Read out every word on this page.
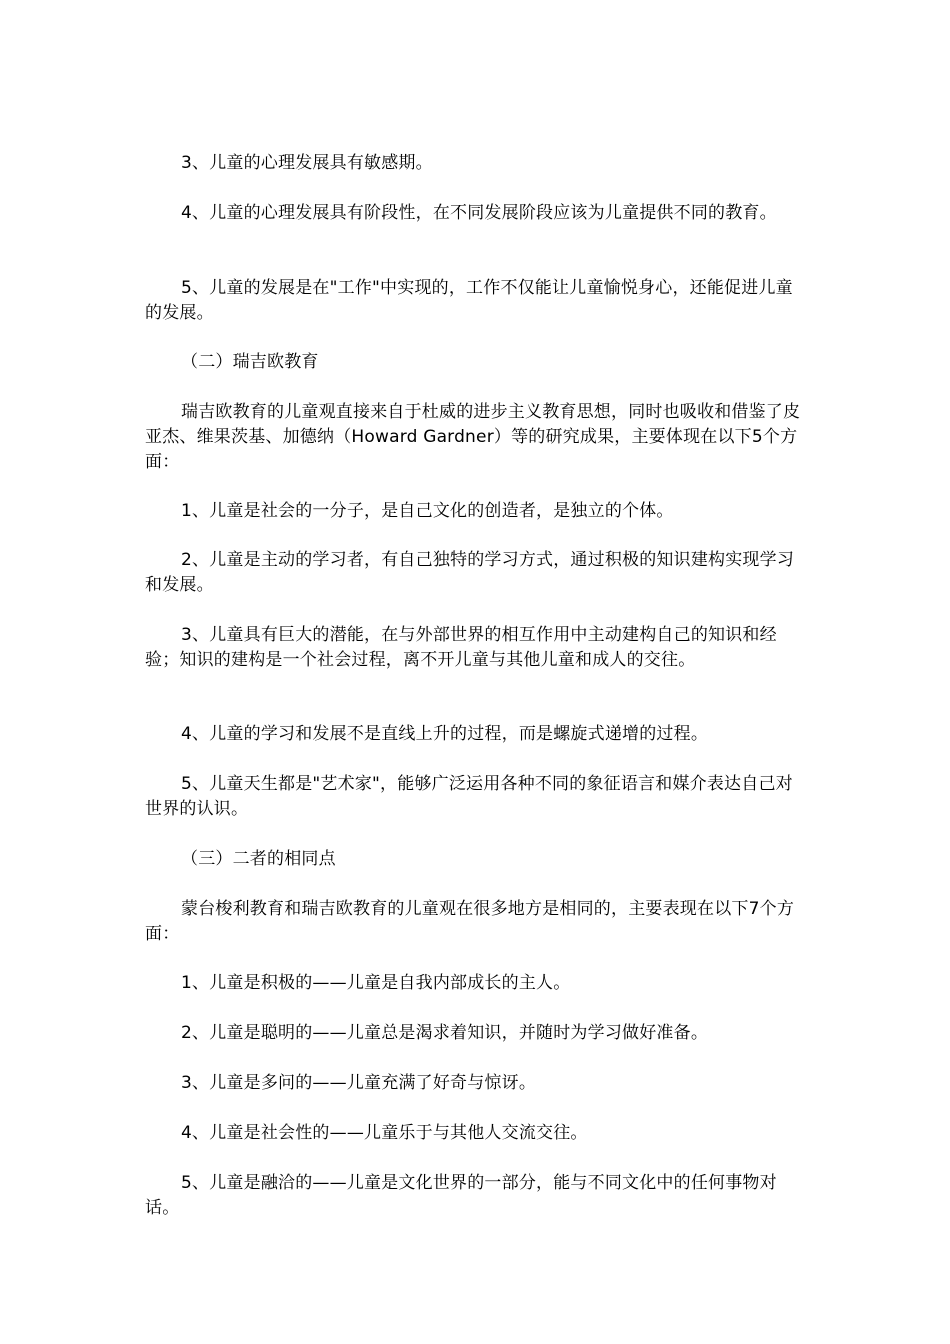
3、儿童的心理发展具有敏感期。

4、儿童的心理发展具有阶段性，在不同发展阶段应该为儿童提供不同的教育。

5、儿童的发展是在"工作"中实现的，工作不仅能让儿童愉悦身心，还能促进儿童的发展。

（二）瑞吉欧教育

瑞吉欧教育的儿童观直接来自于杜威的进步主义教育思想，同时也吸收和借鉴了皮亚杰、维果茨基、加德纳（Howard Gardner）等的研究成果，主要体现在以下5个方面：

1、儿童是社会的一分子，是自己文化的创造者，是独立的个体。

2、儿童是主动的学习者，有自己独特的学习方式，通过积极的知识建构实现学习和发展。

3、儿童具有巨大的潜能，在与外部世界的相互作用中主动建构自己的知识和经验；知识的建构是一个社会过程，离不开儿童与其他儿童和成人的交往。

4、儿童的学习和发展不是直线上升的过程，而是螺旋式递增的过程。

5、儿童天生都是"艺术家"，能够广泛运用各种不同的象征语言和媒介表达自己对世界的认识。

（三）二者的相同点

蒙台梭利教育和瑞吉欧教育的儿童观在很多地方是相同的，主要表现在以下7个方面：

1、儿童是积极的——儿童是自我内部成长的主人。

2、儿童是聪明的——儿童总是渴求着知识，并随时为学习做好准备。

3、儿童是多问的——儿童充满了好奇与惊讶。

4、儿童是社会性的——儿童乐于与其他人交流交往。

5、儿童是融洽的——儿童是文化世界的一部分，能与不同文化中的任何事物对话。
